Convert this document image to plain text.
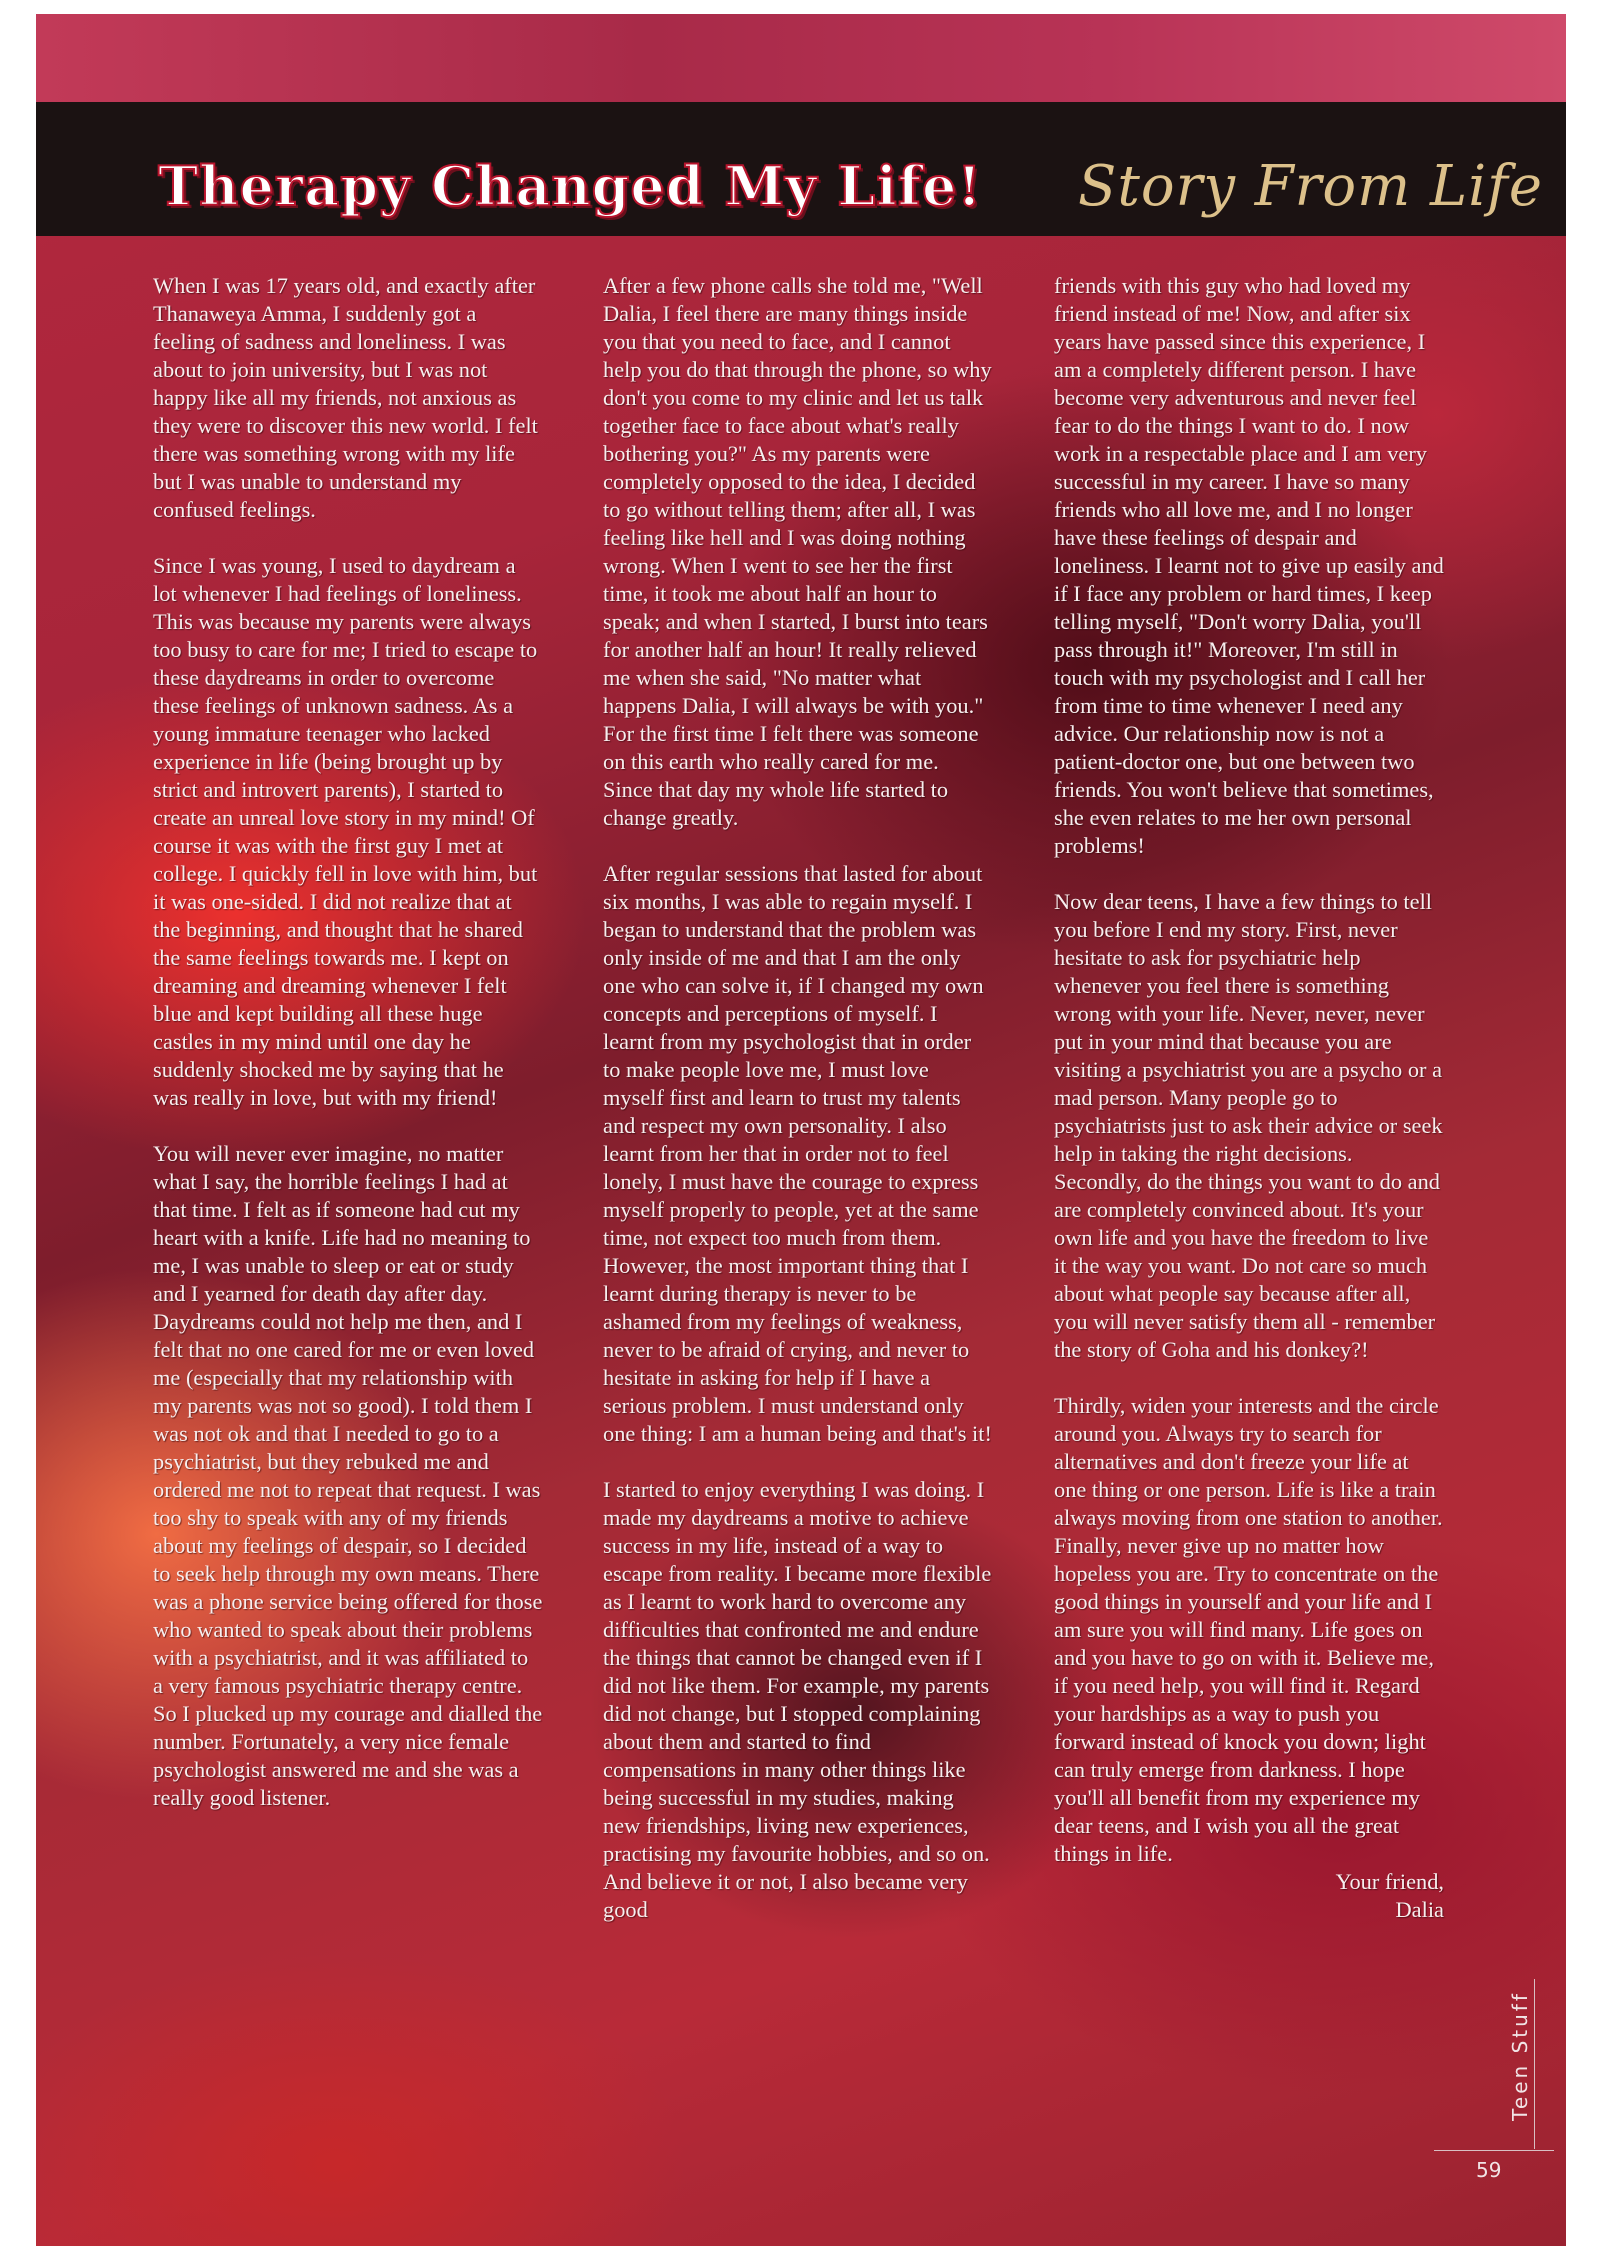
Therapy Changed My Life! Story From Life

When I was 17 years old, and exactly after Thanaweya Amma, I suddenly got a feeling of sadness and loneliness. I was about to join university, but I was not happy like all my friends, not anxious as they were to discover this new world. I felt there was something wrong with my life but I was unable to understand my confused feelings.

Since I was young, I used to daydream a lot whenever I had feelings of loneliness. This was because my parents were always too busy to care for me; I tried to escape to these daydreams in order to overcome these feelings of unknown sadness. As a young immature teenager who lacked experience in life (being brought up by strict and introvert parents), I started to create an unreal love story in my mind! Of course it was with the first guy I met at college. I quickly fell in love with him, but it was one-sided. I did not realize that at the beginning, and thought that he shared the same feelings towards me. I kept on dreaming and dreaming whenever I felt blue and kept building all these huge castles in my mind until one day he suddenly shocked me by saying that he was really in love, but with my friend!

You will never ever imagine, no matter what I say, the horrible feelings I had at that time. I felt as if someone had cut my heart with a knife. Life had no meaning to me, I was unable to sleep or eat or study and I yearned for death day after day. Daydreams could not help me then, and I felt that no one cared for me or even loved me (especially that my relationship with my parents was not so good). I told them I was not ok and that I needed to go to a psychiatrist, but they rebuked me and ordered me not to repeat that request. I was too shy to speak with any of my friends about my feelings of despair, so I decided to seek help through my own means. There was a phone service being offered for those who wanted to speak about their problems with a psychiatrist, and it was affiliated to a very famous psychiatric therapy centre. So I plucked up my courage and dialled the number. Fortunately, a very nice female psychologist answered me and she was a really good listener.

After a few phone calls she told me, "Well Dalia, I feel there are many things inside you that you need to face, and I cannot help you do that through the phone, so why don't you come to my clinic and let us talk together face to face about what's really bothering you?" As my parents were completely opposed to the idea, I decided to go without telling them; after all, I was feeling like hell and I was doing nothing wrong. When I went to see her the first time, it took me about half an hour to speak; and when I started, I burst into tears for another half an hour! It really relieved me when she said, "No matter what happens Dalia, I will always be with you." For the first time I felt there was someone on this earth who really cared for me. Since that day my whole life started to change greatly.

After regular sessions that lasted for about six months, I was able to regain myself. I began to understand that the problem was only inside of me and that I am the only one who can solve it, if I changed my own concepts and perceptions of myself. I learnt from my psychologist that in order to make people love me, I must love myself first and learn to trust my talents and respect my own personality. I also learnt from her that in order not to feel lonely, I must have the courage to express myself properly to people, yet at the same time, not expect too much from them. However, the most important thing that I learnt during therapy is never to be ashamed from my feelings of weakness, never to be afraid of crying, and never to hesitate in asking for help if I have a serious problem. I must understand only one thing: I am a human being and that's it!

I started to enjoy everything I was doing. I made my daydreams a motive to achieve success in my life, instead of a way to escape from reality. I became more flexible as I learnt to work hard to overcome any difficulties that confronted me and endure the things that cannot be changed even if I did not like them. For example, my parents did not change, but I stopped complaining about them and started to find compensations in many other things like being successful in my studies, making new friendships, living new experiences, practising my favourite hobbies, and so on. And believe it or not, I also became very good

friends with this guy who had loved my friend instead of me! Now, and after six years have passed since this experience, I am a completely different person. I have become very adventurous and never feel fear to do the things I want to do. I now work in a respectable place and I am very successful in my career. I have so many friends who all love me, and I no longer have these feelings of despair and loneliness. I learnt not to give up easily and if I face any problem or hard times, I keep telling myself, "Don't worry Dalia, you'll pass through it!" Moreover, I'm still in touch with my psychologist and I call her from time to time whenever I need any advice. Our relationship now is not a patient-doctor one, but one between two friends. You won't believe that sometimes, she even relates to me her own personal problems!

Now dear teens, I have a few things to tell you before I end my story. First, never hesitate to ask for psychiatric help whenever you feel there is something wrong with your life. Never, never, never put in your mind that because you are visiting a psychiatrist you are a psycho or a mad person. Many people go to psychiatrists just to ask their advice or seek help in taking the right decisions. Secondly, do the things you want to do and are completely convinced about. It's your own life and you have the freedom to live it the way you want. Do not care so much about what people say because after all, you will never satisfy them all - remember the story of Goha and his donkey?!

Thirdly, widen your interests and the circle around you. Always try to search for alternatives and don't freeze your life at one thing or one person. Life is like a train always moving from one station to another. Finally, never give up no matter how hopeless you are. Try to concentrate on the good things in yourself and your life and I am sure you will find many. Life goes on and you have to go on with it. Believe me, if you need help, you will find it. Regard your hardships as a way to push you forward instead of knock you down; light can truly emerge from darkness. I hope you'll all benefit from my experience my dear teens, and I wish you all the great things in life.

Your friend,
Dalia
Teen Stuff
59
